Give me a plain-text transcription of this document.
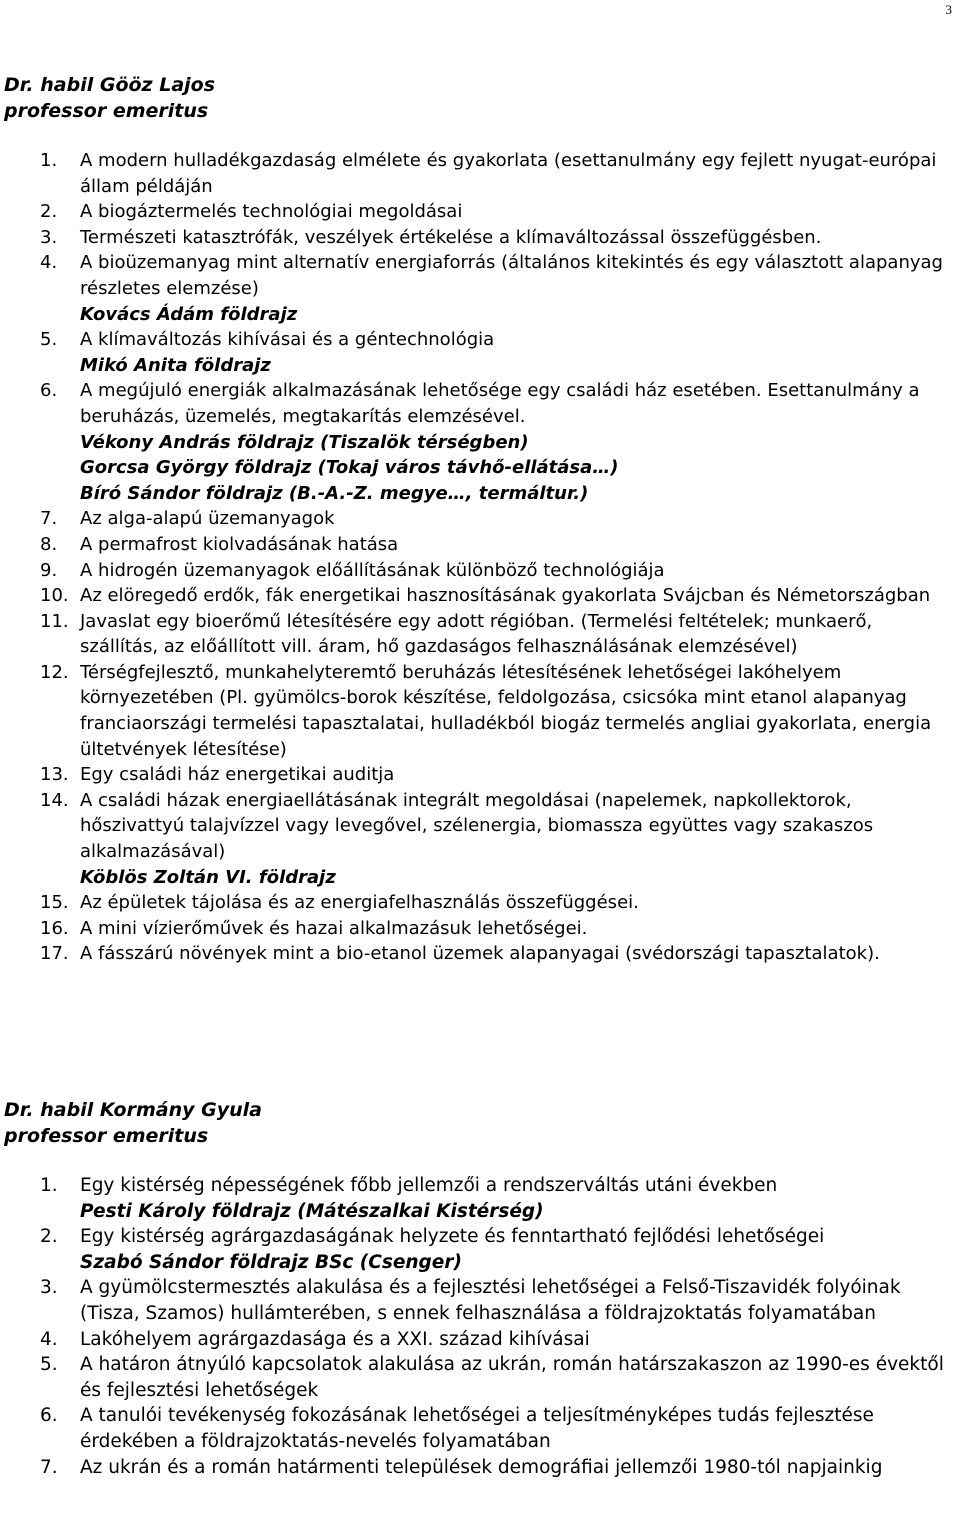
3
Dr. habil Gööz Lajos
professor emeritus
1.	A modern hulladékgazdaság elmélete és gyakorlata (esettanulmány egy fejlett nyugat-európai állam példáján
2.	A biogáztermelés technológiai megoldásai
3.	Természeti katasztrófák, veszélyek értékelése a klímaváltozással összefüggésben.
4.	A bioüzemanyag mint alternatív energiaforrás (általános kitekintés és egy választott alapanyag részletes elemzése)
Kovács Ádám földrajz
5.	A klímaváltozás kihívásai és a géntechnológia
Mikó Anita földrajz
6.	A megújuló energiák alkalmazásának lehetősége egy családi ház esetében. Esettanulmány a beruházás, üzemelés, megtakarítás elemzésével.
Vékony András földrajz (Tiszalök térségben)
Gorcsa György földrajz (Tokaj város távhő-ellátása…)
Bíró Sándor földrajz (B.-A.-Z. megye…, termáltur.)
7.	Az alga-alapú üzemanyagok
8.	A permafrost kiolvadásának hatása
9.	A hidrogén üzemanyagok előállításának különböző technológiája
10. Az elöregedő erdők, fák energetikai hasznosításának gyakorlata Svájcban és Németországban
11. Javaslat egy bioerőmű létesítésére egy adott régióban. (Termelési feltételek; munkaerő, szállítás, az előállított vill. áram, hő gazdaságos felhasználásának elemzésével)
12. Térségfejlesztő, munkahelyteremtő beruházás létesítésének lehetőségei lakóhelyem környezetében (Pl. gyümölcs-borok készítése, feldolgozása, csicsóka mint etanol alapanyag franciaországi termelési tapasztalatai, hulladékból biogáz termelés angliai gyakorlata, energia ültetvények létesítése)
13. Egy családi ház energetikai auditja
14. A családi házak energiaellátásának integrált megoldásai (napelemek, napkollektorok, hőszivattyú talajvízzel vagy levegővel, szélenergia, biomassza együttes vagy szakaszos alkalmazásával)
Köblös Zoltán VI. földrajz
15. Az épületek tájolása és az energiafelhasználás összefüggései.
16. A mini vízierőművek és hazai alkalmazásuk lehetőségei.
17. A fásszárú növények mint a bio-etanol üzemek alapanyagai (svédországi tapasztalatok).
Dr. habil Kormány Gyula
professor emeritus
1.	Egy kistérség népességének főbb jellemzői a rendszerváltás utáni években
Pesti Károly földrajz (Mátészalkai Kistérség)
2.	Egy kistérség agrárgazdaságának helyzete és fenntartható fejlődési lehetőségei
Szabó Sándor földrajz BSc (Csenger)
3.	A gyümölcstermesztés alakulása és a fejlesztési lehetőségei a Felső-Tiszavidék folyóinak (Tisza, Szamos) hullámterében, s ennek felhasználása a földrajzoktatás folyamatában
4.	Lakóhelyem agrárgazdasága és a XXI. század kihívásai
5.	A határon átnyúló kapcsolatok alakulása az ukrán, román határszakaszon az 1990-es évektől és fejlesztési lehetőségek
6.	A tanulói tevékenység fokozásának lehetőségei a teljesítményképes tudás fejlesztése érdekében a földrajzoktatás-nevelés folyamatában
7.	Az ukrán és a román határmenti települések demográfiai jellemzői 1980-tól napjainkig
